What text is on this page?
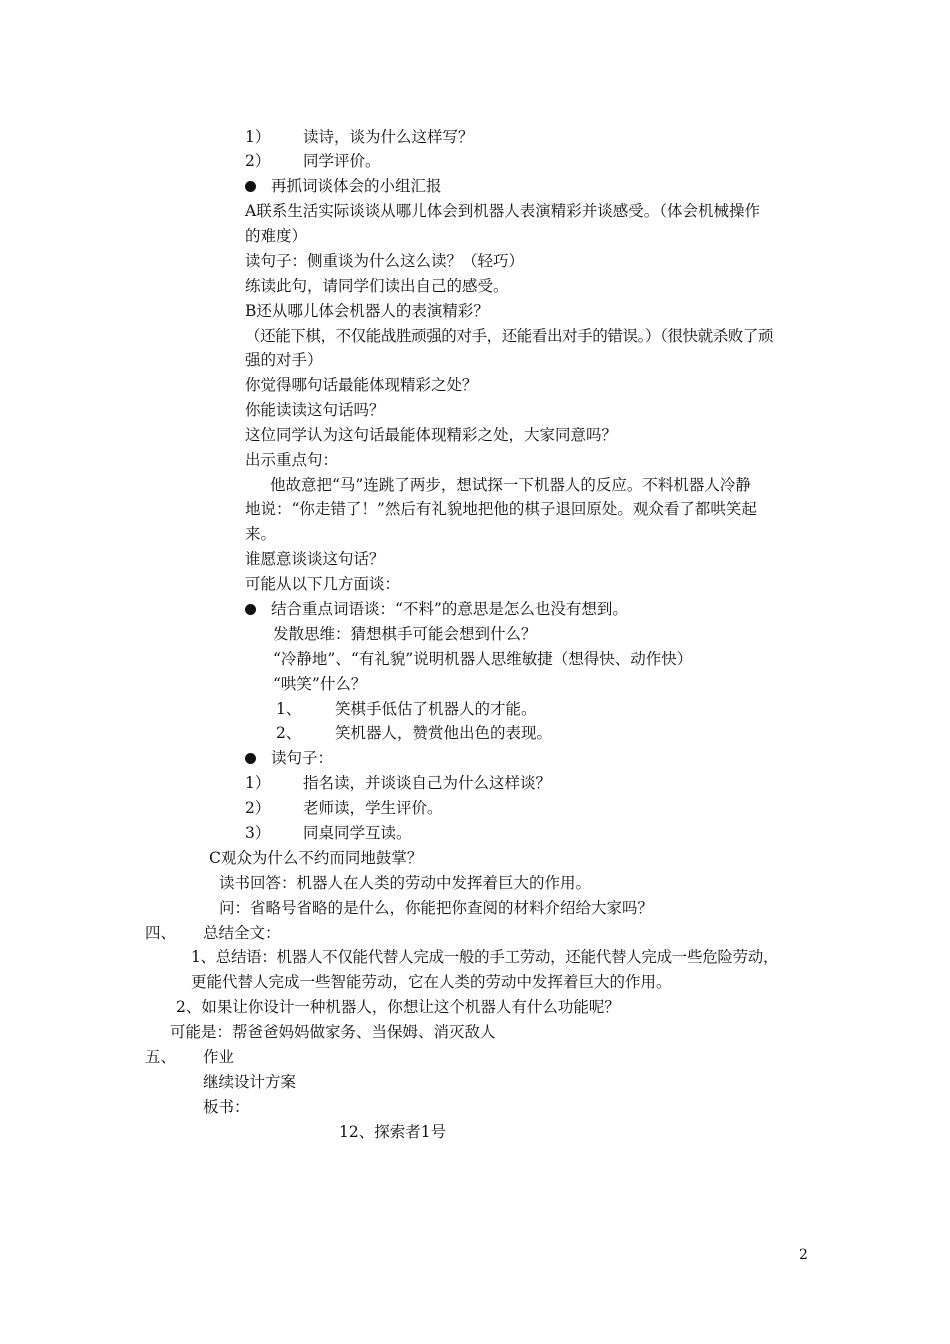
1） 读诗，谈为什么这样写？
2） 同学评价。
再抓词谈体会的小组汇报
A联系生活实际谈谈从哪儿体会到机器人表演精彩并谈感受。（体会机械操作
的难度）
读句子：侧重谈为什么这么读？（轻巧）
练读此句，请同学们读出自己的感受。
B还从哪儿体会机器人的表演精彩？
（还能下棋，不仅能战胜顽强的对手，还能看出对手的错误。）（很快就杀败了顽
强的对手）
你觉得哪句话最能体现精彩之处？
你能读读这句话吗？
这位同学认为这句话最能体现精彩之处，大家同意吗？
出示重点句：
他故意把“马”连跳了两步，想试探一下机器人的反应。不料机器人冷静
地说：“你走错了！”然后有礼貌地把他的棋子退回原处。观众看了都哄笑起
来。
谁愿意谈谈这句话？
可能从以下几方面谈：
结合重点词语谈：“不料”的意思是怎么也没有想到。
发散思维：猜想棋手可能会想到什么？
“冷静地”、“有礼貌”说明机器人思维敏捷（想得快、动作快）
“哄笑”什么？
1、 笑棋手低估了机器人的才能。
2、 笑机器人，赞赏他出色的表现。
读句子：
1） 指名读，并谈谈自己为什么这样谈？
2） 老师读，学生评价。
3） 同桌同学互读。
C观众为什么不约而同地鼓掌？
读书回答：机器人在人类的劳动中发挥着巨大的作用。
问：省略号省略的是什么，你能把你查阅的材料介绍给大家吗？
四、 总结全文：
1、总结语：机器人不仅能代替人完成一般的手工劳动，还能代替人完成一些危险劳动，
更能代替人完成一些智能劳动，它在人类的劳动中发挥着巨大的作用。
2、如果让你设计一种机器人，你想让这个机器人有什么功能呢？
可能是：帮爸爸妈妈做家务、当保姆、消灭敌人
五、 作业
继续设计方案
板书：
12、探索者1号
2
